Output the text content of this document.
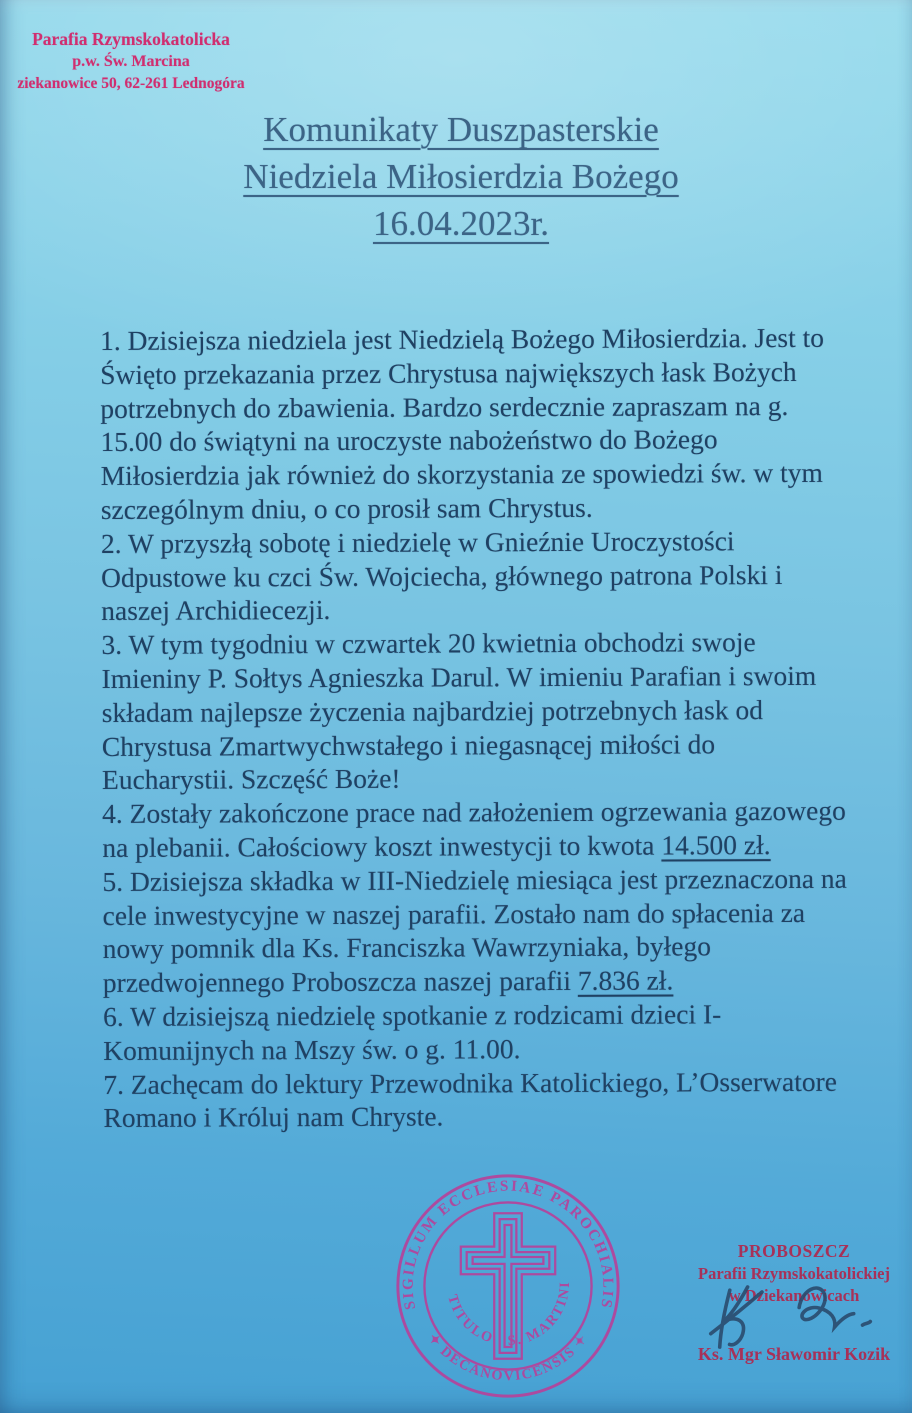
Parafia Rzymskokatolicka
p.w. Św. Marcina
ziekanowice 50, 62-261 Lednogóra
Komunikaty Duszpasterskie
Niedziela Miłosierdzia Bożego
16.04.2023r.
1. Dzisiejsza niedziela jest Niedzielą Bożego Miłosierdzia. Jest to
Święto przekazania przez Chrystusa największych łask Bożych
potrzebnych do zbawienia. Bardzo serdecznie zapraszam na g.
15.00 do świątyni na uroczyste nabożeństwo do Bożego
Miłosierdzia jak również do skorzystania ze spowiedzi św. w tym
szczególnym dniu, o co prosił sam Chrystus.
2. W przyszłą sobotę i niedzielę w Gnieźnie Uroczystości
Odpustowe ku czci Św. Wojciecha, głównego patrona Polski i
naszej Archidiecezji.
3. W tym tygodniu w czwartek 20 kwietnia obchodzi swoje
Imieniny P. Sołtys Agnieszka Darul. W imieniu Parafian i swoim
składam najlepsze życzenia najbardziej potrzebnych łask od
Chrystusa Zmartwychwstałego i niegasnącej miłości do
Eucharystii. Szczęść Boże!
4. Zostały zakończone prace nad założeniem ogrzewania gazowego
na plebanii. Całościowy koszt inwestycji to kwota 14.500 zł.
5. Dzisiejsza składka w III-Niedzielę miesiąca jest przeznaczona na
cele inwestycyjne w naszej parafii. Zostało nam do spłacenia za
nowy pomnik dla Ks. Franciszka Wawrzyniaka, byłego
przedwojennego Proboszcza naszej parafii 7.836 zł.
6. W dzisiejszą niedzielę spotkanie z rodzicami dzieci I-
Komunijnych na Mszy św. o g. 11.00.
7. Zachęcam do lektury Przewodnika Katolickiego, L’Osserwatore
Romano i Króluj nam Chryste.
SIGILLUM ECCLESIAE PAROCHIALIS
✦ DECANOVICENSIS ✦
TITULO S. MARTINI
PROBOSZCZ
Parafii Rzymskokatolickiej
w Dziekanowicach
Ks. Mgr Sławomir Kozik
